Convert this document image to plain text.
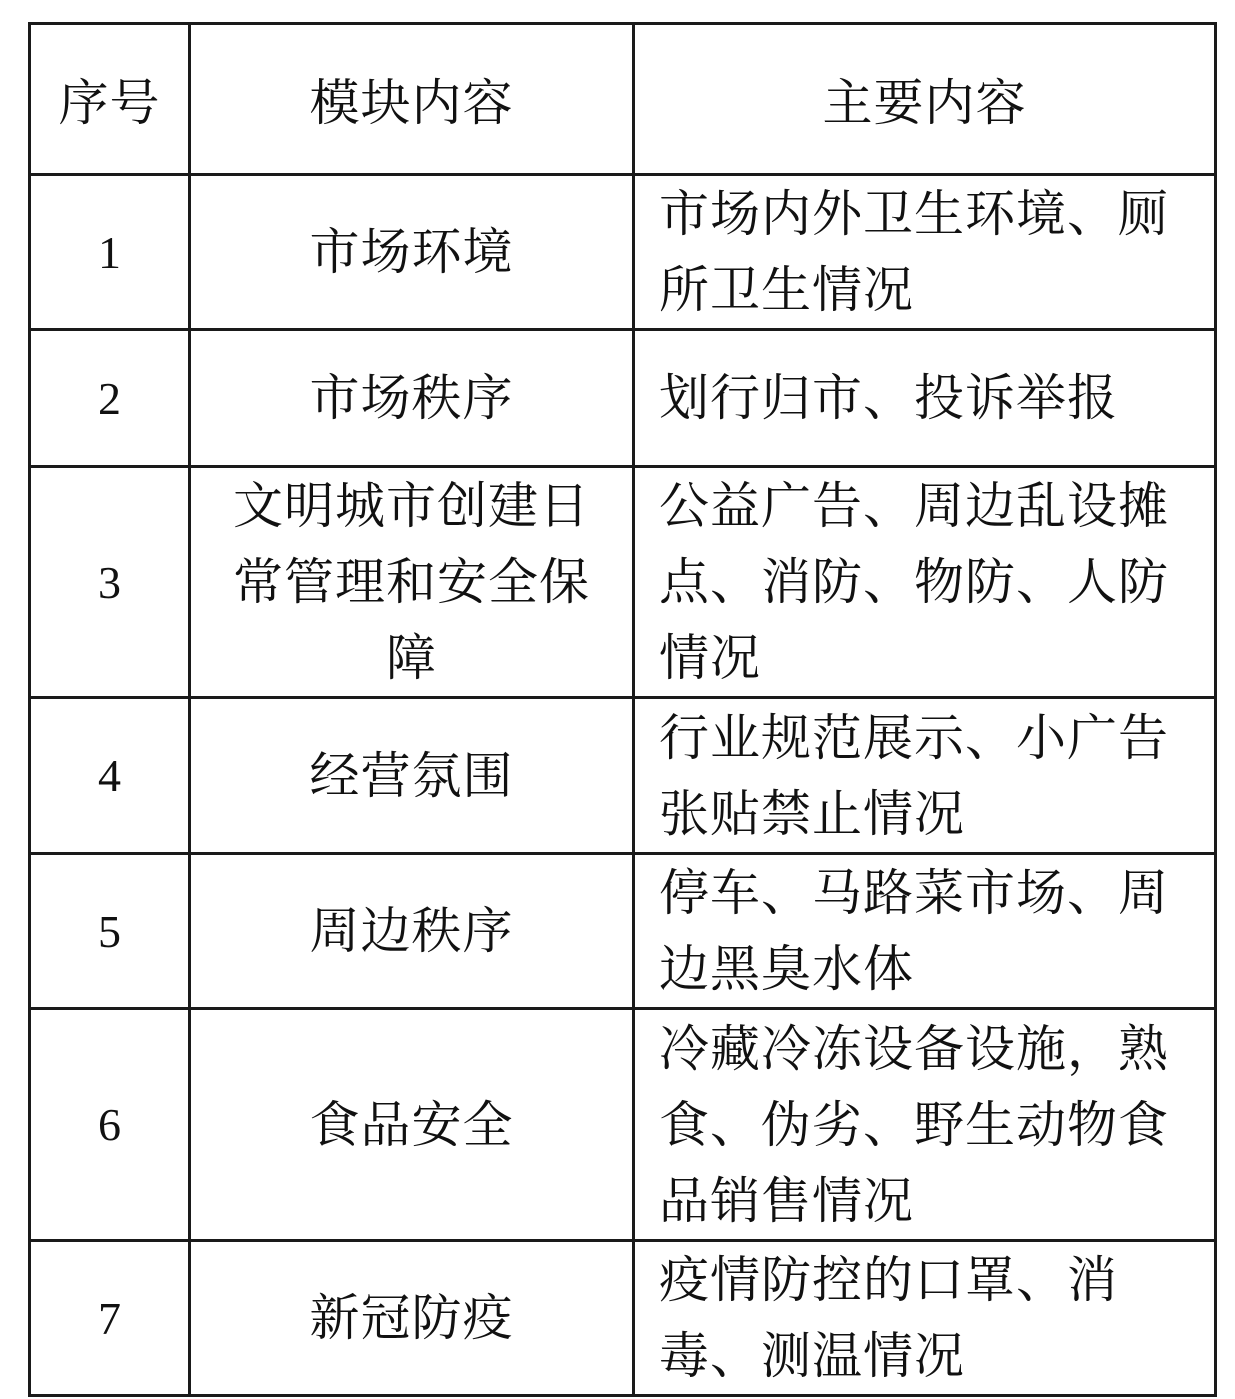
序号	模块内容	主要内容
1	市场环境	市场内外卫生环境、厕所卫生情况
2	市场秩序	划行归市、投诉举报
3	文明城市创建日常管理和安全保障	公益广告、周边乱设摊点、消防、物防、人防情况
4	经营氛围	行业规范展示、小广告张贴禁止情况
5	周边秩序	停车、马路菜市场、周边黑臭水体
6	食品安全	冷藏冷冻设备设施，熟食、伪劣、野生动物食品销售情况
7	新冠防疫	疫情防控的口罩、消毒、测温情况
